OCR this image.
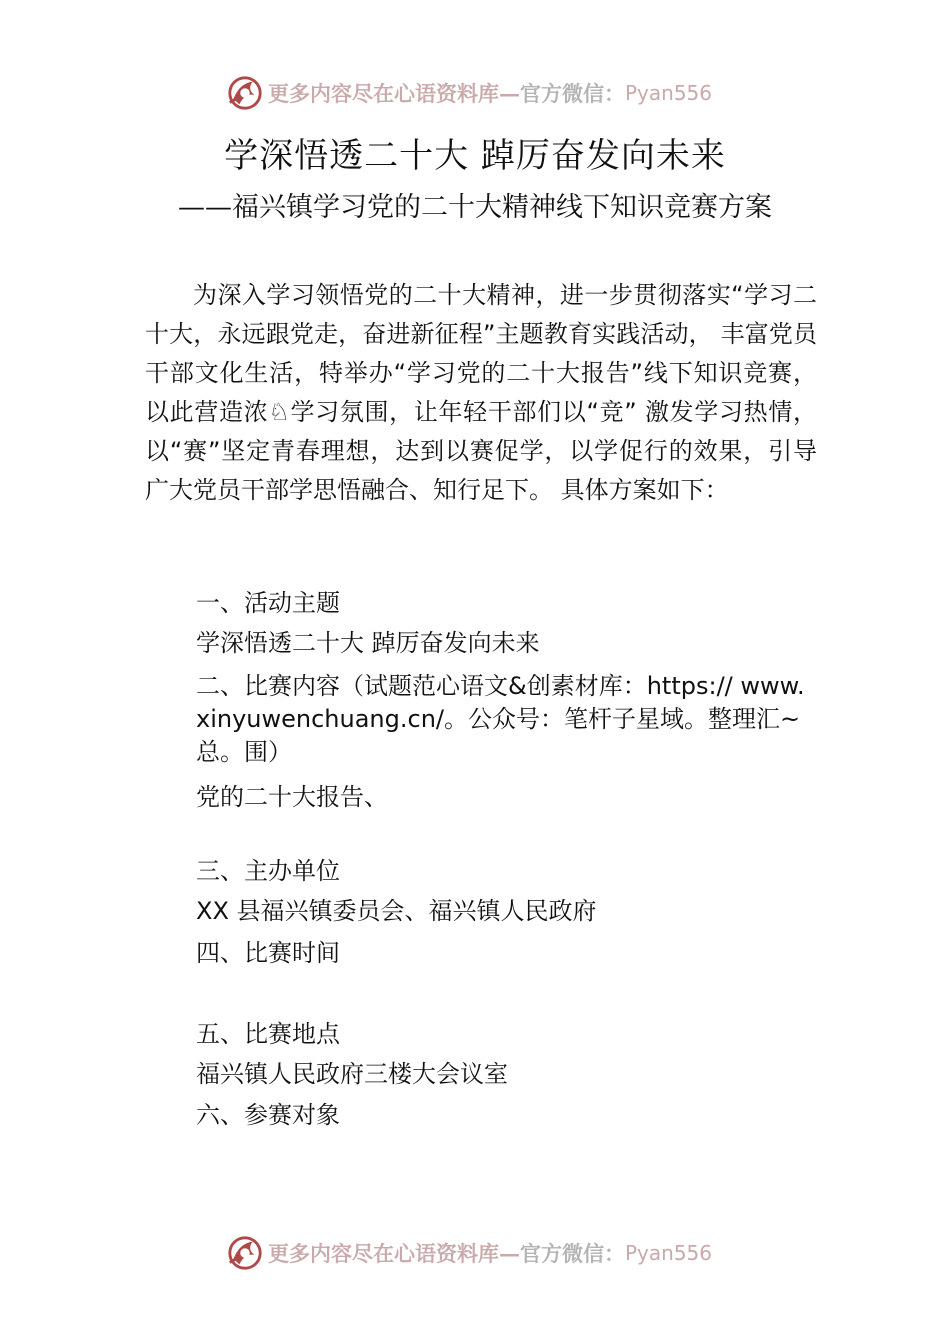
更多内容尽在心语资料库 — 官方微信： Pyan556
学深悟透二十大 踔厉奋发向未来
——福兴镇学习党的二十大精神线下知识竞赛方案

为深入学习领悟党的二十大精神，进一步贯彻落实“学习二十大，永远跟党走，奋进新征程”主题教育实践活动， 丰富党员干部文化生活，特举办“学习党的二十大报告”线下知识竞赛，以此营造浓♘学习氛围，让年轻干部们以“竞” 激发学习热情，以“赛”坚定青春理想，达到以赛促学，以学促行的效果，引导广大党员干部学思悟融合、知行足下。 具体方案如下：

一、活动主题

学深悟透二十大 踔厉奋发向未来

二、比赛内容（试题范心语文&创素材库：https:// www.xinyuwenchuang.cn/。公众号：笔杆子星域。整理汇~总。围）

党的二十大报告、

三、主办单位

XX 县福兴镇委员会、福兴镇人民政府

四、比赛时间

五、比赛地点

福兴镇人民政府三楼大会议室

六、参赛对象

更多内容尽在心语资料库 — 官方微信： Pyan556
